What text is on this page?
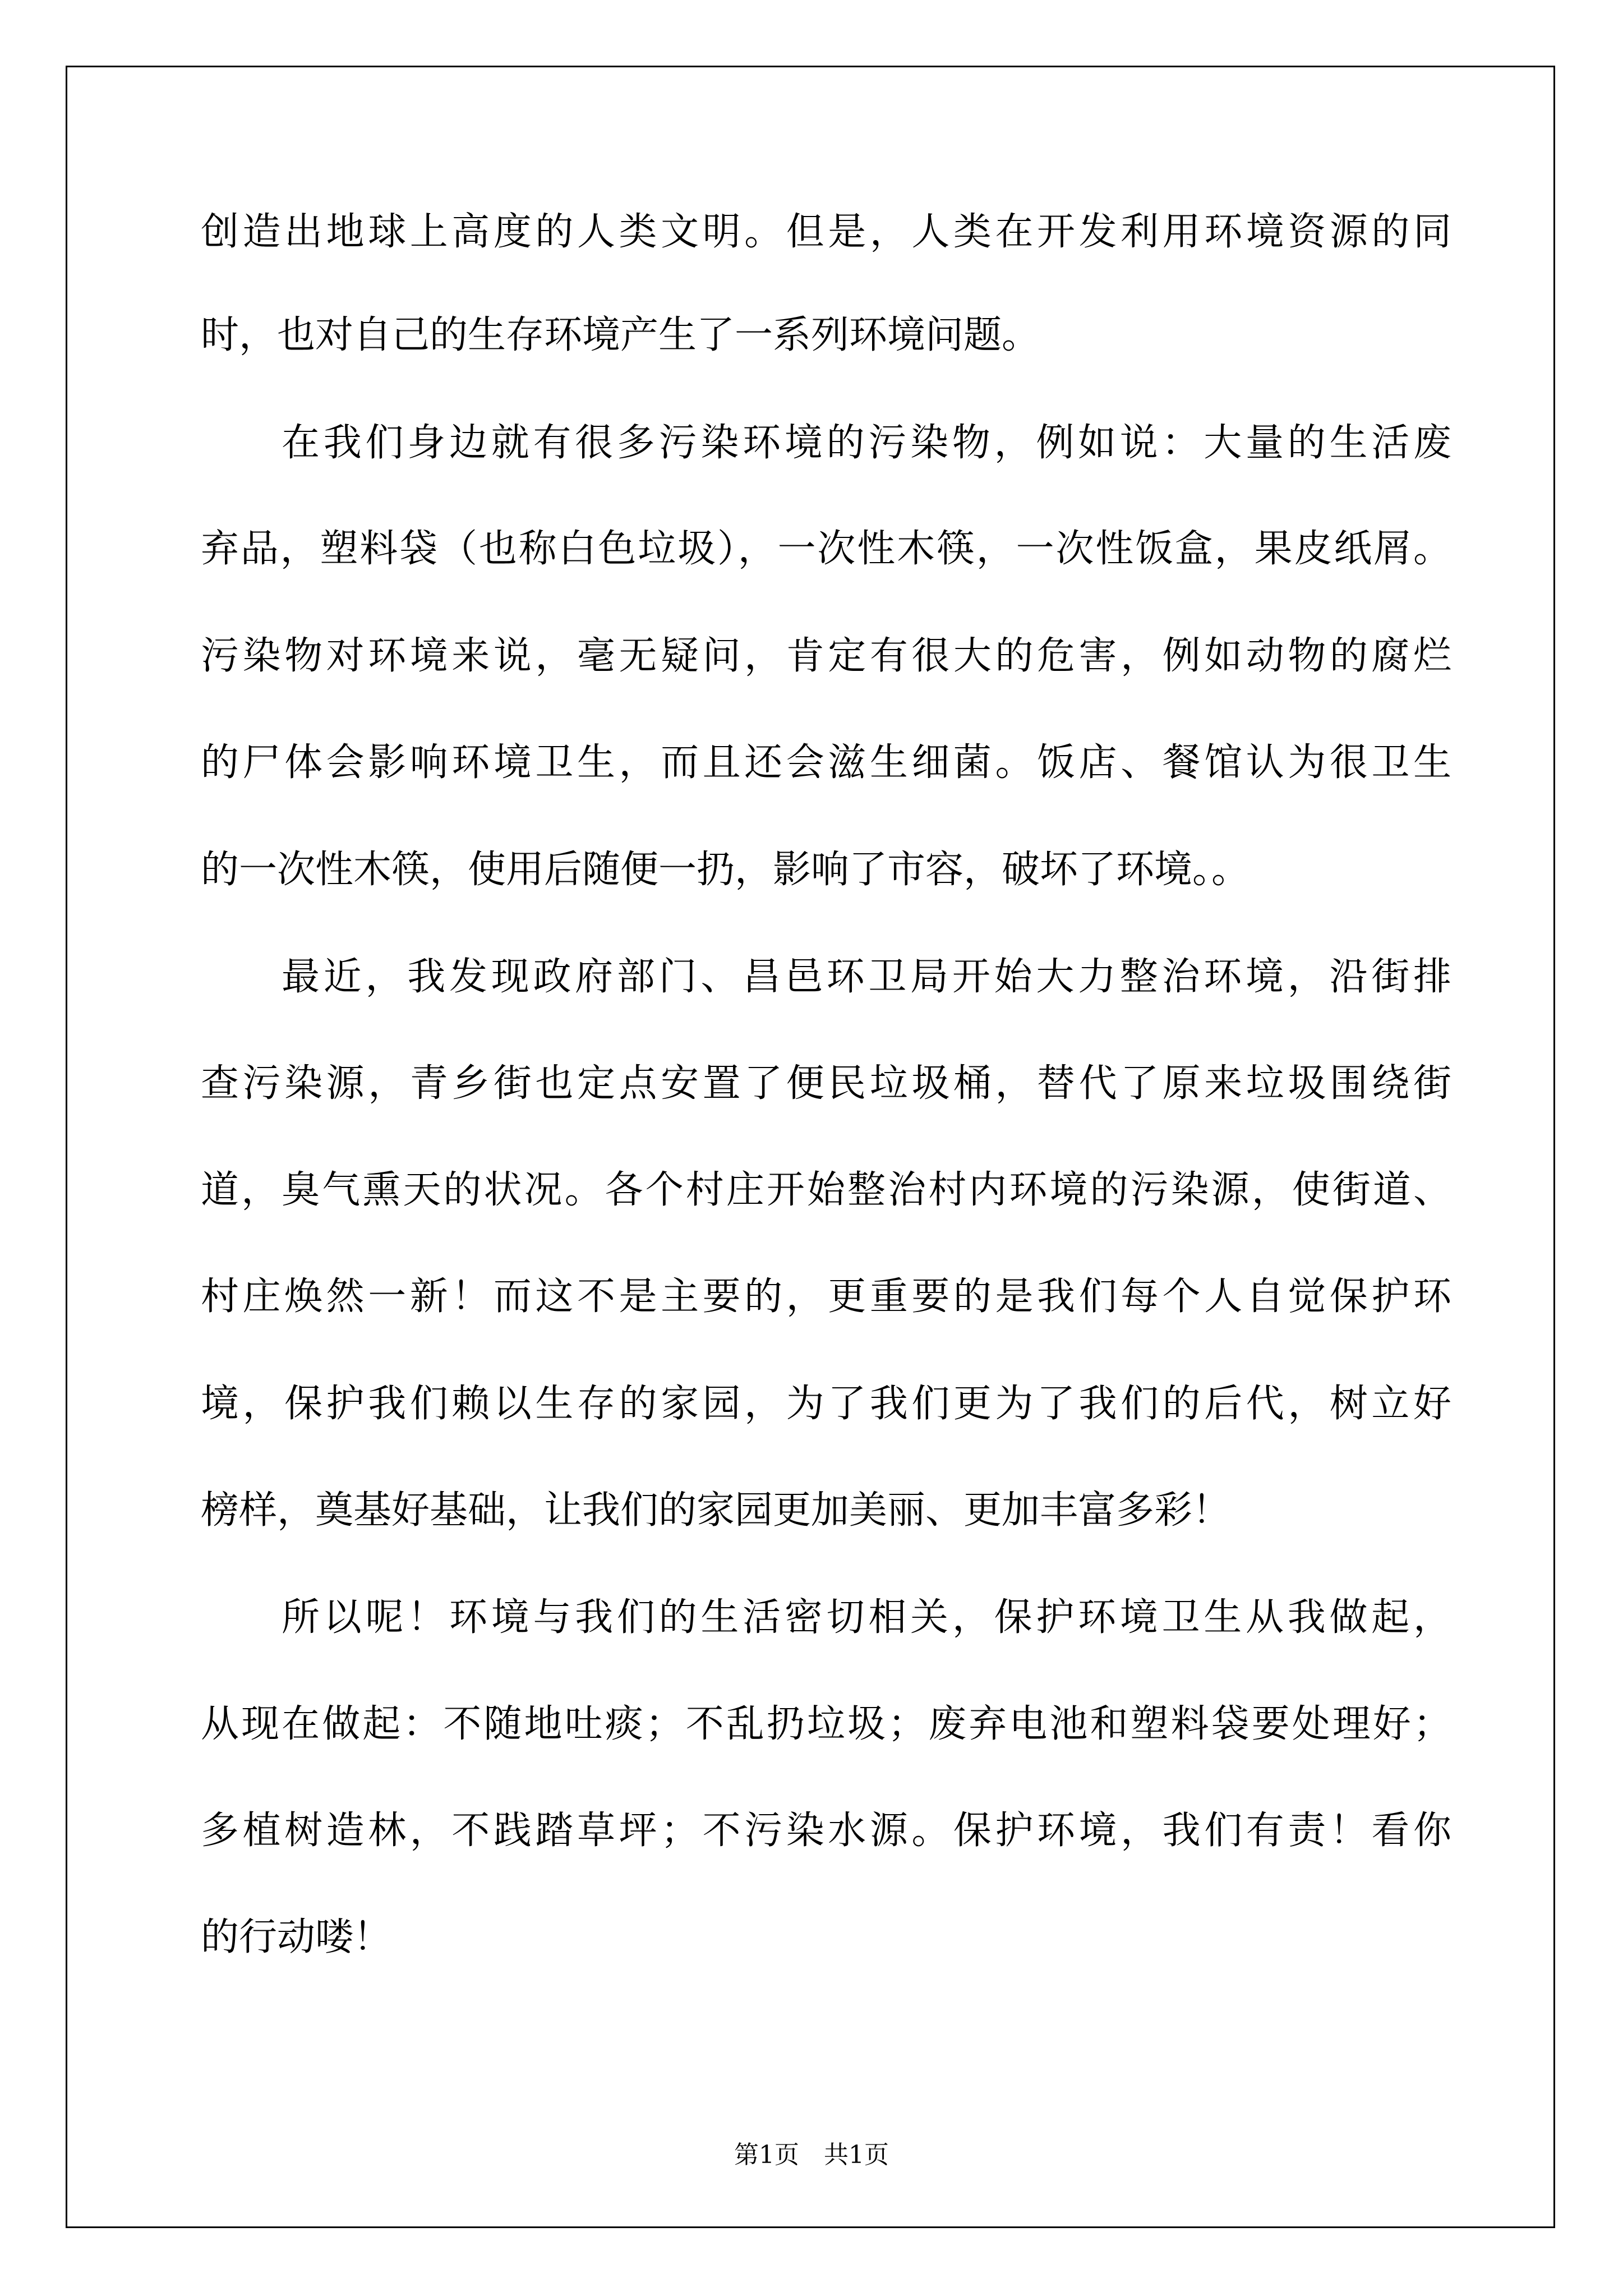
创造出地球上高度的人类文明。但是，人类在开发利用环境资源的同
时，也对自己的生存环境产生了一系列环境问题。
在我们身边就有很多污染环境的污染物，例如说：大量的生活废
弃品，塑料袋（也称白色垃圾），一次性木筷，一次性饭盒，果皮纸屑。
污染物对环境来说，毫无疑问，肯定有很大的危害，例如动物的腐烂
的尸体会影响环境卫生，而且还会滋生细菌。饭店、餐馆认为很卫生
的一次性木筷，使用后随便一扔，影响了市容，破坏了环境。。
最近，我发现政府部门、昌邑环卫局开始大力整治环境，沿街排
查污染源，青乡街也定点安置了便民垃圾桶，替代了原来垃圾围绕街
道，臭气熏天的状况。各个村庄开始整治村内环境的污染源，使街道、
村庄焕然一新！而这不是主要的，更重要的是我们每个人自觉保护环
境，保护我们赖以生存的家园，为了我们更为了我们的后代，树立好
榜样，奠基好基础，让我们的家园更加美丽、更加丰富多彩！
所以呢！环境与我们的生活密切相关，保护环境卫生从我做起，
从现在做起：不随地吐痰；不乱扔垃圾；废弃电池和塑料袋要处理好；
多植树造林，不践踏草坪；不污染水源。保护环境，我们有责！看你
的行动喽！
第1页　共1页
